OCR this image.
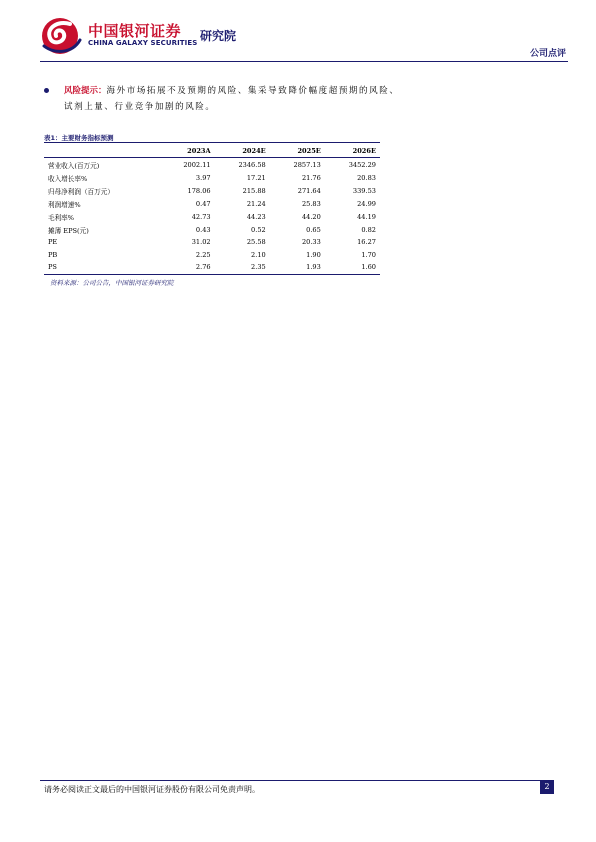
中国银河证券
CHINA GALAXY SECURITIES 研究院
公司点评
风险提示：海外市场拓展不及预期的风险、集采导致降价幅度超预期的风险、试剂上量、行业竞争加剧的风险。
表1：主要财务指标预测
	2023A	2024E	2025E	2026E
营业收入(百万元)	2002.11	2346.58	2857.13	3452.29
收入增长率%	3.97	17.21	21.76	20.83
归母净利润（百万元）	178.06	215.88	271.64	339.53
利润增速%	0.47	21.24	25.83	24.99
毛利率%	42.73	44.23	44.20	44.19
摊薄 EPS(元)	0.43	0.52	0.65	0.82
PE	31.02	25.58	20.33	16.27
PB	2.25	2.10	1.90	1.70
PS	2.76	2.35	1.93	1.60
资料来源：公司公告，中国银河证券研究院
请务必阅读正文最后的中国银河证券股份有限公司免责声明。	2
